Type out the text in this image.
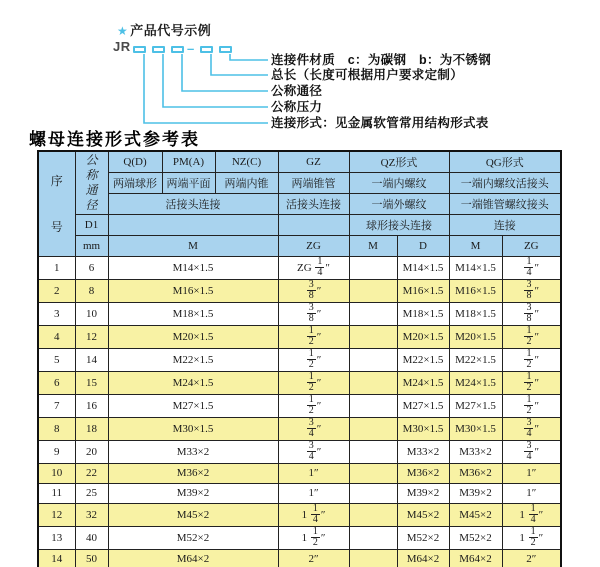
★ 产品代号示例
JR	–
连接件材质　c：为碳钢　b：为不锈钢
总长（长度可根据用户要求定制）
公称通径
公称压力
连接形式：见金属软管常用结构形式表
螺母连接形式参考表
序号	公称通径	Q(D)	PM(A)	NZ(C)	GZ	QZ形式		QG形式	
		两端球形	两端平面	两端内锥	两端锥管	一端内螺纹		一端内螺纹活接头	
		活接头连接			活接头连接	一端外螺纹		一端锥管螺纹接头	
	D1					球形接头连接		连接	
	mm	M			ZG	M	D	M	ZG
1	6	M14×1.5			ZG $\frac{1}{4}$ ″		M14×1.5	M14×1.5	$\frac{1}{4}$ ″
2	8	M16×1.5			$\frac{3}{8}$ ″		M16×1.5	M16×1.5	$\frac{3}{8}$ ″
3	10	M18×1.5			$\frac{3}{8}$ ″		M18×1.5	M18×1.5	$\frac{3}{8}$ ″
4	12	M20×1.5			$\frac{1}{2}$ ″		M20×1.5	M20×1.5	$\frac{1}{2}$ ″
5	14	M22×1.5			$\frac{1}{2}$ ″		M22×1.5	M22×1.5	$\frac{1}{2}$ ″
6	15	M24×1.5			$\frac{1}{2}$ ″		M24×1.5	M24×1.5	$\frac{1}{2}$ ″
7	16	M27×1.5			$\frac{1}{2}$ ″		M27×1.5	M27×1.5	$\frac{1}{2}$ ″
8	18	M30×1.5			$\frac{3}{4}$ ″		M30×1.5	M30×1.5	$\frac{3}{4}$ ″
9	20	M33×2			$\frac{3}{4}$ ″		M33×2	M33×2	$\frac{3}{4}$ ″
10	22	M36×2			1″		M36×2	M36×2	1″
11	25	M39×2			1″		M39×2	M39×2	1″
12	32	M45×2			$1 \frac{1}{4}$ ″		M45×2	M45×2	$1 \frac{1}{4}$ ″
13	40	M52×2			$1 \frac{1}{2}$ ″		M52×2	M52×2	$1 \frac{1}{2}$ ″
14	50	M64×2			2″		M64×2	M64×2	2″
